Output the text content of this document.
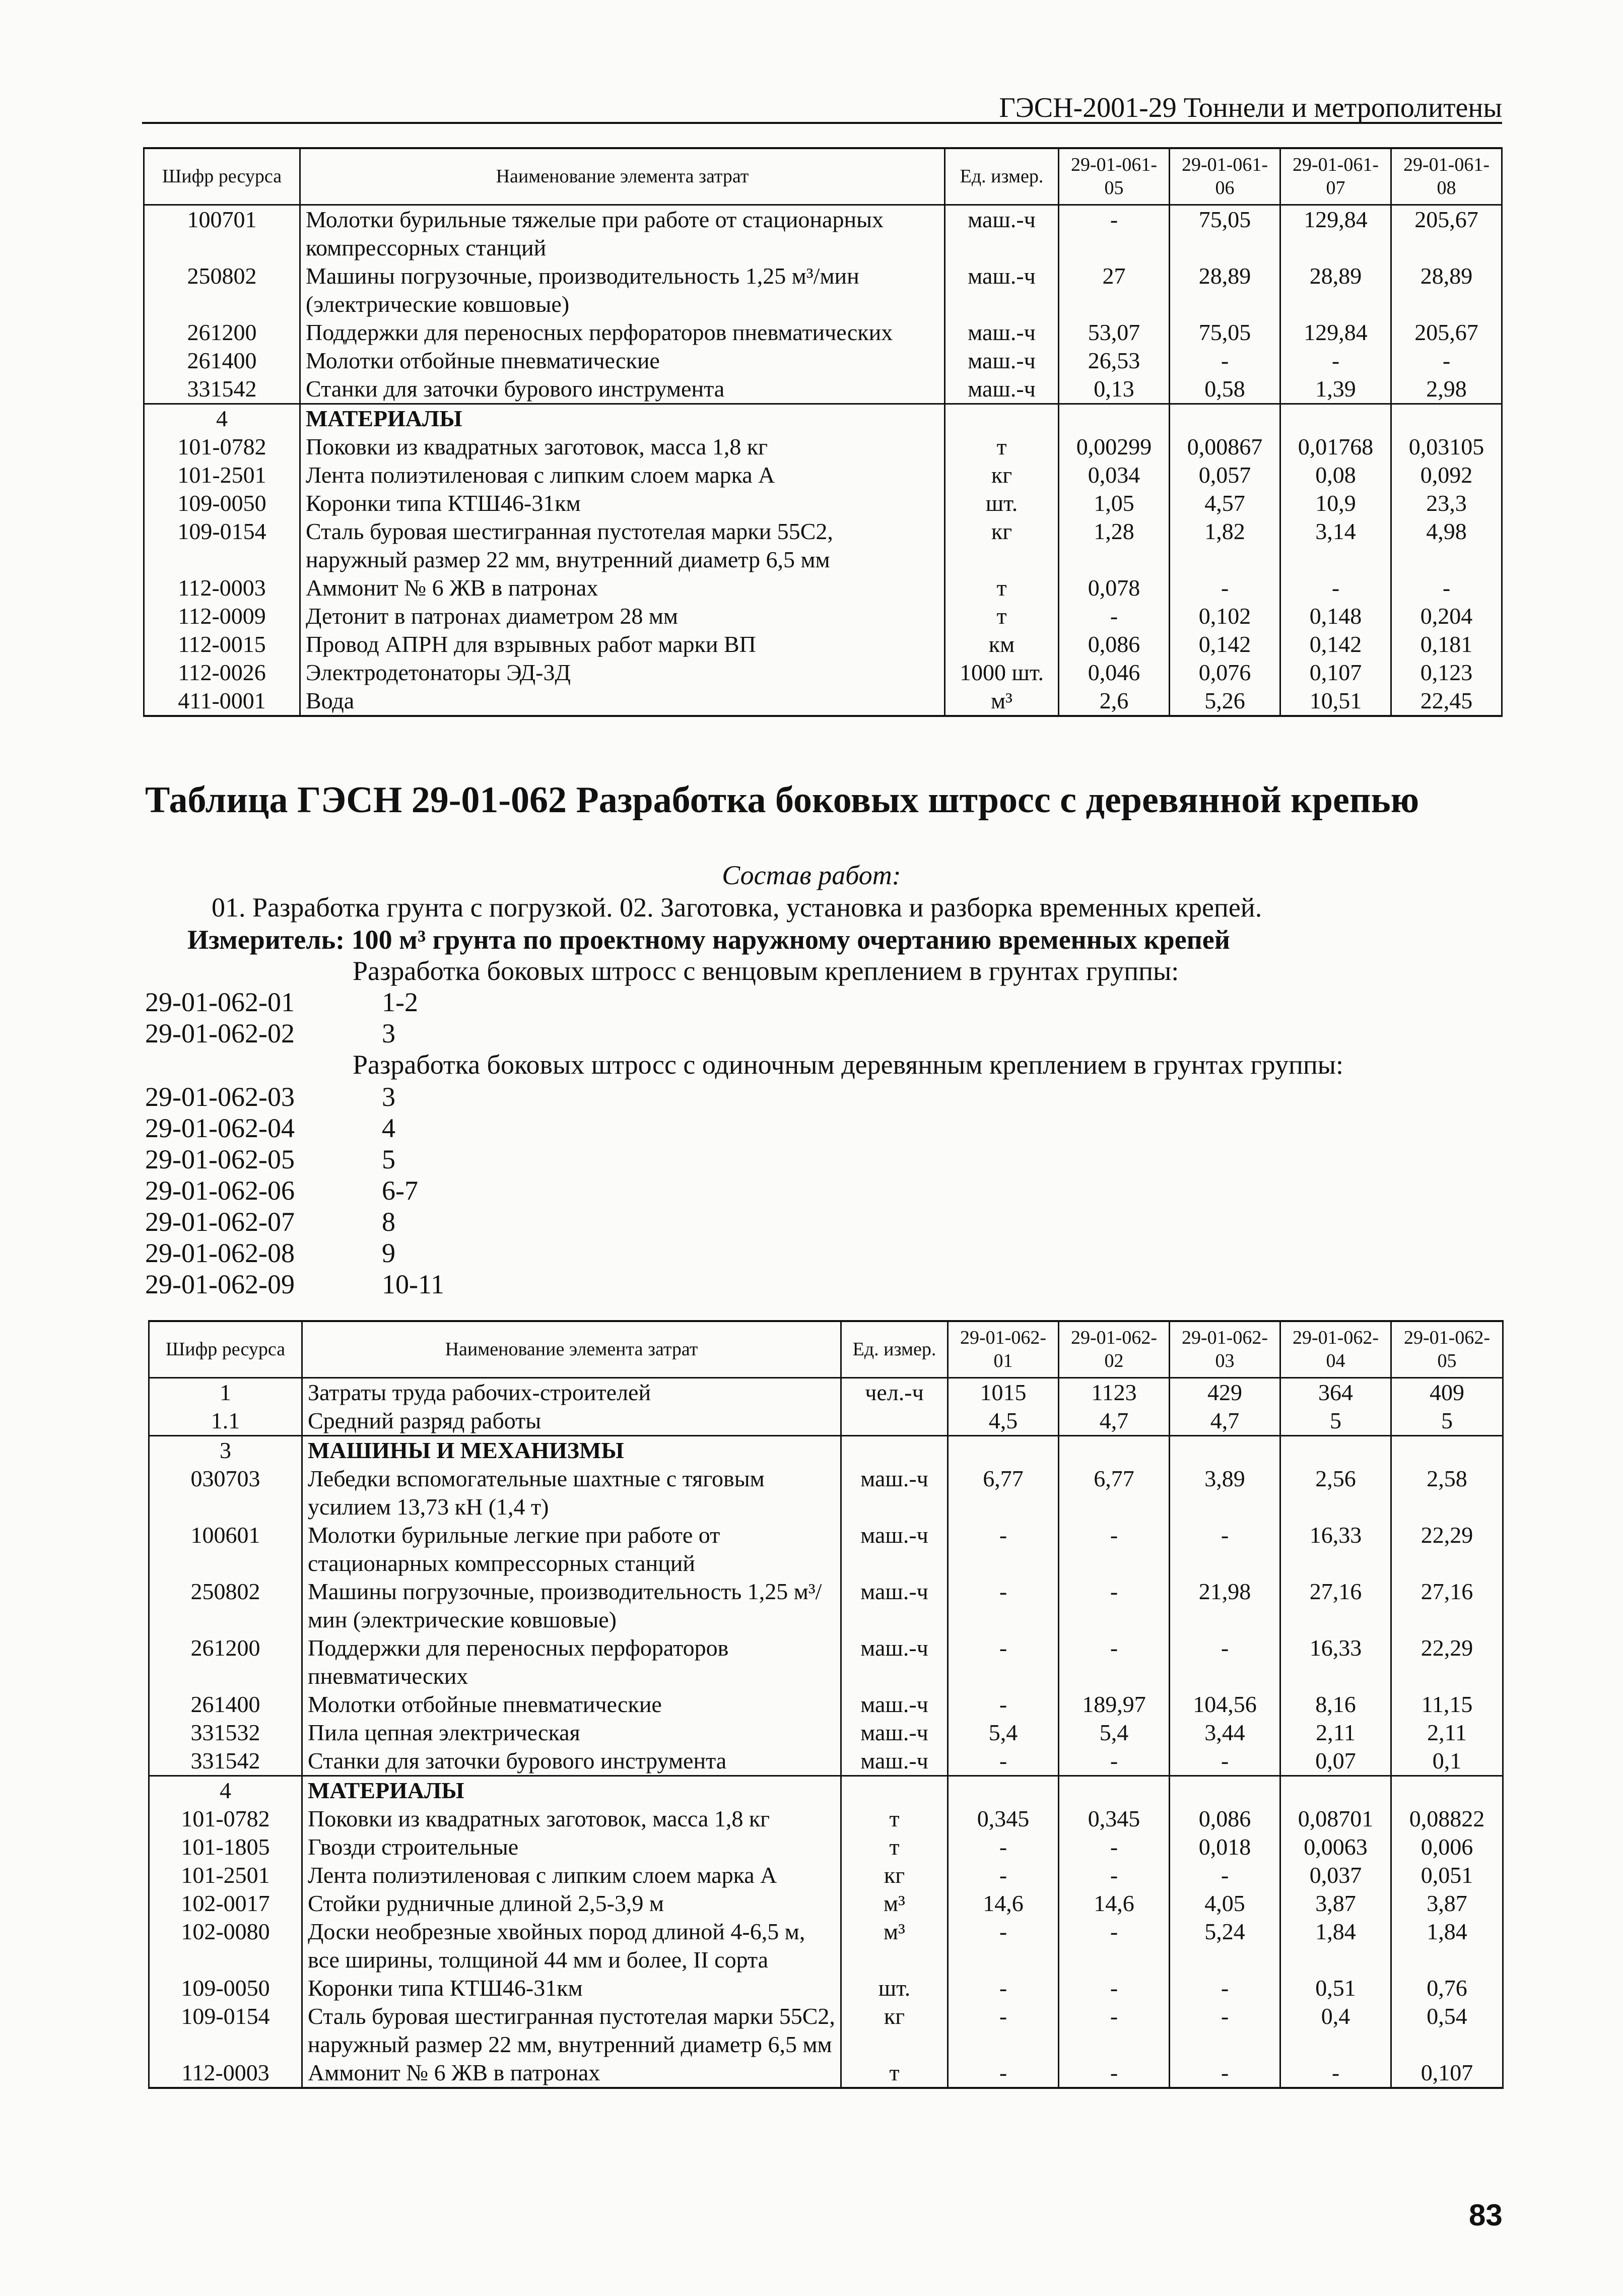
ГЭСН-2001-29 Тоннели и метрополитены
Шифр ресурса	Наименование элемента затрат	Ед. измер.	29-01-061-05	29-01-061-06	29-01-061-07	29-01-061-08
100701	Молотки бурильные тяжелые при работе от стационарных компрессорных станций	маш.-ч	-	75,05	129,84	205,67
250802	Машины погрузочные, производительность 1,25 м³/мин (электрические ковшовые)	маш.-ч	27	28,89	28,89	28,89
261200	Поддержки для переносных перфораторов пневматических	маш.-ч	53,07	75,05	129,84	205,67
261400	Молотки отбойные пневматические	маш.-ч	26,53	-	-	-
331542	Станки для заточки бурового инструмента	маш.-ч	0,13	0,58	1,39	2,98
4	МАТЕРИАЛЫ					
101-0782	Поковки из квадратных заготовок, масса 1,8 кг	т	0,00299	0,00867	0,01768	0,03105
101-2501	Лента полиэтиленовая с липким слоем марка А	кг	0,034	0,057	0,08	0,092
109-0050	Коронки типа КТШ46-31км	шт.	1,05	4,57	10,9	23,3
109-0154	Сталь буровая шестигранная пустотелая марки 55С2, наружный размер 22 мм, внутренний диаметр 6,5 мм	кг	1,28	1,82	3,14	4,98
112-0003	Аммонит № 6 ЖВ в патронах	т	0,078	-	-	-
112-0009	Детонит в патронах диаметром 28 мм	т	-	0,102	0,148	0,204
112-0015	Провод АПРН для взрывных работ марки ВП	км	0,086	0,142	0,142	0,181
112-0026	Электродетонаторы ЭД-3Д	1000 шт.	0,046	0,076	0,107	0,123
411-0001	Вода	м³	2,6	5,26	10,51	22,45
Таблица ГЭСН 29-01-062 Разработка боковых штросс с деревянной крепью
Состав работ:
01. Разработка грунта с погрузкой. 02. Заготовка, установка и разборка временных крепей.
Измеритель: 100 м³ грунта по проектному наружному очертанию временных крепей
Разработка боковых штросс с венцовым креплением в грунтах группы:
29-01-062-01	1-2
29-01-062-02	3
Разработка боковых штросс с одиночным деревянным креплением в грунтах группы:
29-01-062-03	3
29-01-062-04	4
29-01-062-05	5
29-01-062-06	6-7
29-01-062-07	8
29-01-062-08	9
29-01-062-09	10-11
Шифр ресурса	Наименование элемента затрат	Ед. измер.	29-01-062-01	29-01-062-02	29-01-062-03	29-01-062-04	29-01-062-05
1	Затраты труда рабочих-строителей	чел.-ч	1015	1123	429	364	409
1.1	Средний разряд работы		4,5	4,7	4,7	5	5
3	МАШИНЫ И МЕХАНИЗМЫ						
030703	Лебедки вспомогательные шахтные с тяговым усилием 13,73 кН (1,4 т)	маш.-ч	6,77	6,77	3,89	2,56	2,58
100601	Молотки бурильные легкие при работе от стационарных компрессорных станций	маш.-ч	-	-	-	16,33	22,29
250802	Машины погрузочные, производительность 1,25 м³/мин (электрические ковшовые)	маш.-ч	-	-	21,98	27,16	27,16
261200	Поддержки для переносных перфораторов пневматических	маш.-ч	-	-	-	16,33	22,29
261400	Молотки отбойные пневматические	маш.-ч	-	189,97	104,56	8,16	11,15
331532	Пила цепная электрическая	маш.-ч	5,4	5,4	3,44	2,11	2,11
331542	Станки для заточки бурового инструмента	маш.-ч	-	-	-	0,07	0,1
4	МАТЕРИАЛЫ						
101-0782	Поковки из квадратных заготовок, масса 1,8 кг	т	0,345	0,345	0,086	0,08701	0,08822
101-1805	Гвозди строительные	т	-	-	0,018	0,0063	0,006
101-2501	Лента полиэтиленовая с липким слоем марка А	кг	-	-	-	0,037	0,051
102-0017	Стойки рудничные длиной 2,5-3,9 м	м³	14,6	14,6	4,05	3,87	3,87
102-0080	Доски необрезные хвойных пород длиной 4-6,5 м, все ширины, толщиной 44 мм и более, II сорта	м³	-	-	5,24	1,84	1,84
109-0050	Коронки типа КТШ46-31км	шт.	-	-	-	0,51	0,76
109-0154	Сталь буровая шестигранная пустотелая марки 55С2, наружный размер 22 мм, внутренний диаметр 6,5 мм	кг	-	-	-	0,4	0,54
112-0003	Аммонит № 6 ЖВ в патронах	т	-	-	-	-	0,107
83
